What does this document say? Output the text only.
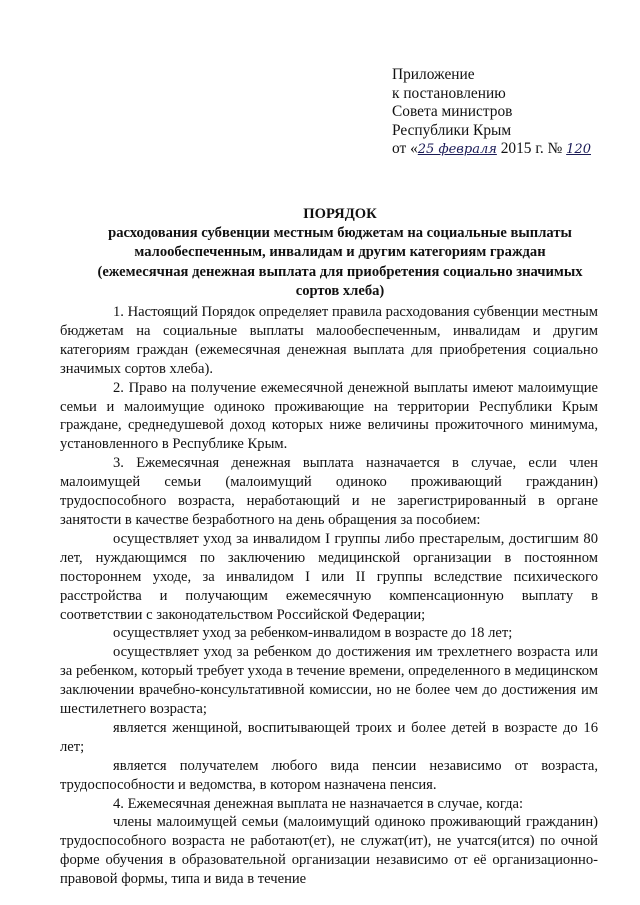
Приложение
к постановлению
Совета министров
Республики Крым
от «25 февраля 2015 г. № 120
ПОРЯДОК
расходования субвенции местным бюджетам на социальные выплаты
малообеспеченным, инвалидам и другим категориям граждан
(ежемесячная денежная выплата для приобретения социально значимых
сортов хлеба)

1. Настоящий Порядок определяет правила расходования субвенции местным бюджетам на социальные выплаты малообеспеченным, инвалидам и другим категориям граждан (ежемесячная денежная выплата для приобретения социально значимых сортов хлеба).

2. Право на получение ежемесячной денежной выплаты имеют малоимущие семьи и малоимущие одиноко проживающие на территории Республики Крым граждане, среднедушевой доход которых ниже величины прожиточного минимума, установленного в Республике Крым.

3. Ежемесячная денежная выплата назначается в случае, если член малоимущей семьи (малоимущий одиноко проживающий гражданин) трудоспособного возраста, неработающий и не зарегистрированный в органе занятости в качестве безработного на день обращения за пособием:

осуществляет уход за инвалидом I группы либо престарелым, достигшим 80 лет, нуждающимся по заключению медицинской организации в постоянном постороннем уходе, за инвалидом I или II группы вследствие психического расстройства и получающим ежемесячную компенсационную выплату в соответствии с законодательством Российской Федерации;

осуществляет уход за ребенком-инвалидом в возрасте до 18 лет;

осуществляет уход за ребенком до достижения им трехлетнего возраста или за ребенком, который требует ухода в течение времени, определенного в медицинском заключении врачебно-консультативной комиссии, но не более чем до достижения им шестилетнего возраста;

является женщиной, воспитывающей троих и более детей в возрасте до 16 лет;

является получателем любого вида пенсии независимо от возраста, трудоспособности и ведомства, в котором назначена пенсия.

4. Ежемесячная денежная выплата не назначается в случае, когда:

члены малоимущей семьи (малоимущий одиноко проживающий гражданин) трудоспособного возраста не работают(ет), не служат(ит), не учатся(ится) по очной форме обучения в образовательной организации независимо от её организационно-правовой формы, типа и вида в течение
